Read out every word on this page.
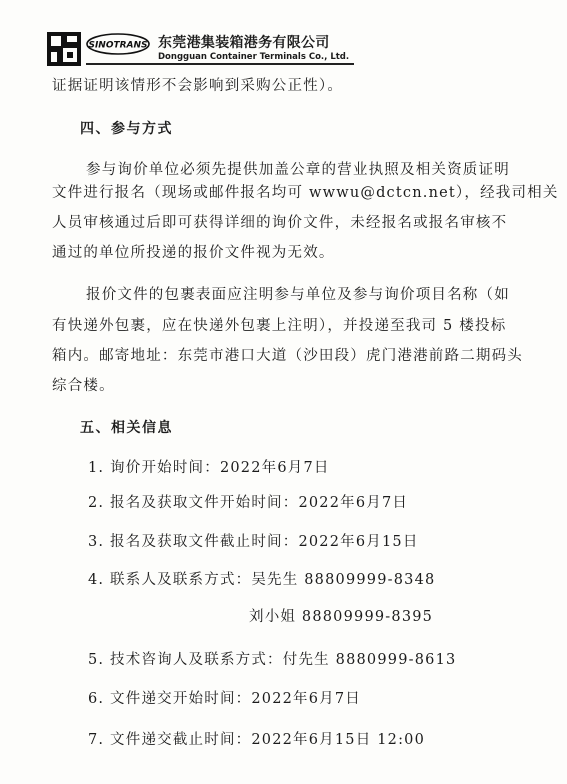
SINOTRANS 东莞港集装箱港务有限公司
Dongguan Container Terminals Co., Ltd.
证据证明该情形不会影响到采购公正性）。
四、参与方式
参与询价单位必须先提供加盖公章的营业执照及相关资质证明
文件进行报名（现场或邮件报名均可 wwwu@dctcn.net），经我司相关
人员审核通过后即可获得详细的询价文件，未经报名或报名审核不
通过的单位所投递的报价文件视为无效。
报价文件的包裹表面应注明参与单位及参与询价项目名称（如
有快递外包裹，应在快递外包裹上注明），并投递至我司 5 楼投标
箱内。邮寄地址：东莞市港口大道（沙田段）虎门港港前路二期码头
综合楼。
五、相关信息
1. 询价开始时间：2022年6月7日
2. 报名及获取文件开始时间：2022年6月7日
3. 报名及获取文件截止时间：2022年6月15日
4. 联系人及联系方式：吴先生 88809999-8348
刘小姐 88809999-8395
5. 技术咨询人及联系方式：付先生 8880999-8613
6. 文件递交开始时间：2022年6月7日
7. 文件递交截止时间：2022年6月15日 12:00
